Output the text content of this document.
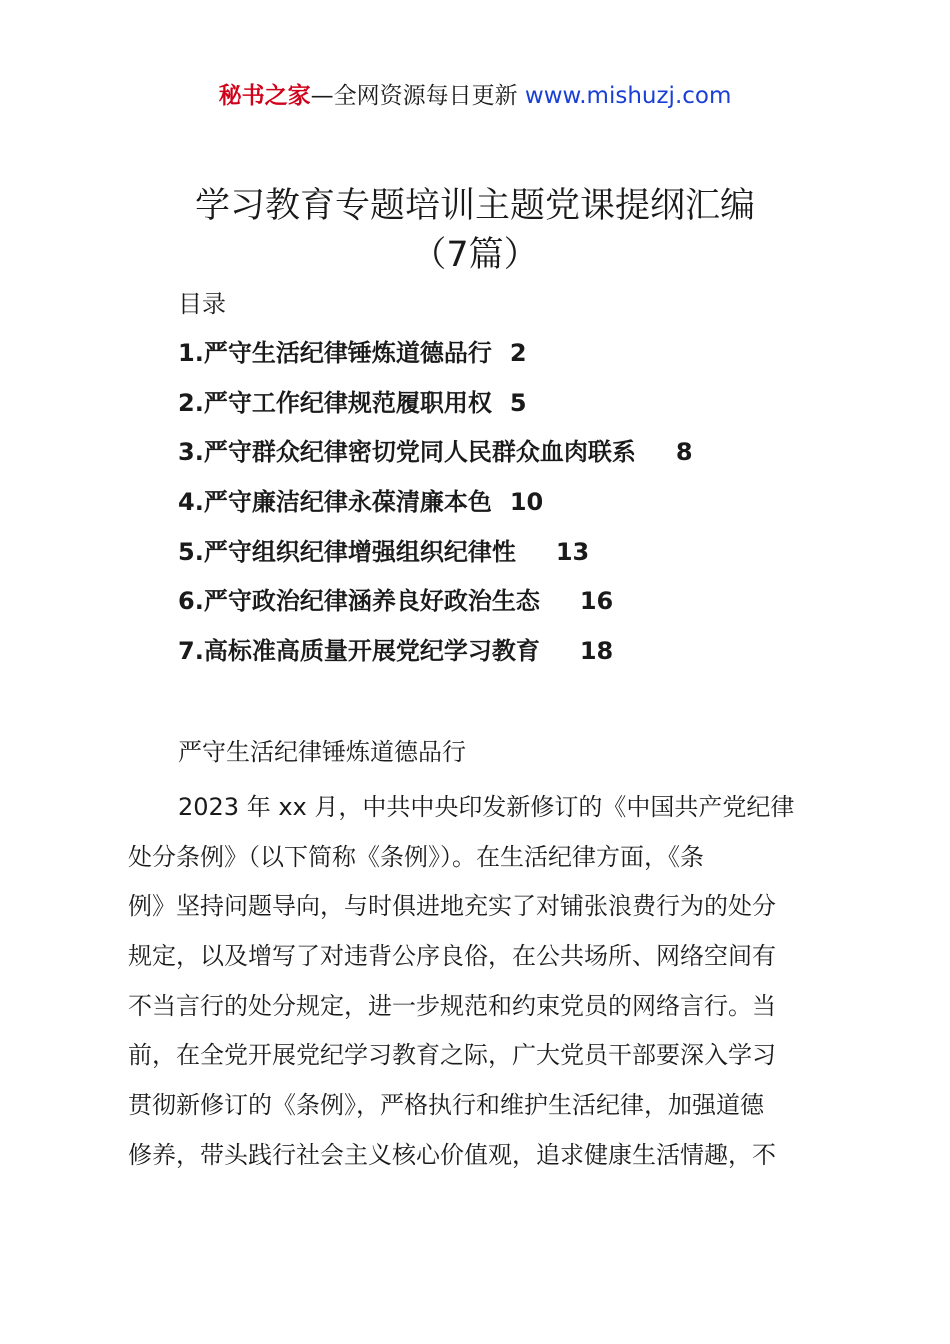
秘书之家—全网资源每日更新 www.mishuzj.com
学习教育专题培训主题党课提纲汇编
（7篇）
目录
1.严守生活纪律锤炼道德品行 2
2.严守工作纪律规范履职用权 5
3.严守群众纪律密切党同人民群众血肉联系 8
4.严守廉洁纪律永葆清廉本色 10
5.严守组织纪律增强组织纪律性 13
6.严守政治纪律涵养良好政治生态 16
7.高标准高质量开展党纪学习教育 18
严守生活纪律锤炼道德品行
2023 年 xx 月，中共中央印发新修订的《中国共产党纪律
处分条例》（以下简称《条例》）。在生活纪律方面，《条
例》坚持问题导向，与时俱进地充实了对铺张浪费行为的处分
规定，以及增写了对违背公序良俗，在公共场所、网络空间有
不当言行的处分规定，进一步规范和约束党员的网络言行。当
前，在全党开展党纪学习教育之际，广大党员干部要深入学习
贯彻新修订的《条例》，严格执行和维护生活纪律，加强道德
修养，带头践行社会主义核心价值观，追求健康生活情趣，不
